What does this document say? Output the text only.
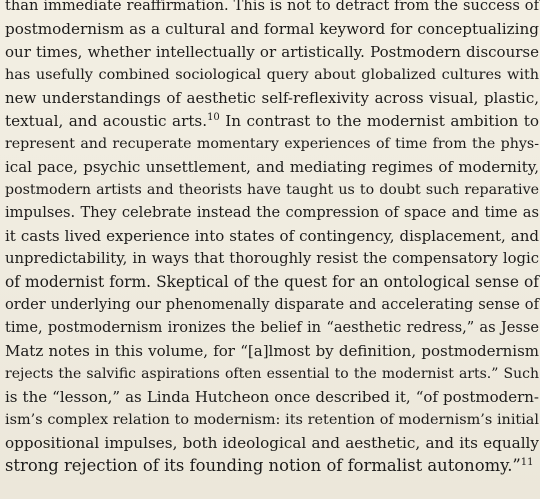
than immediate reaffirmation. This is not to detract from the success of
postmodernism as a cultural and formal keyword for conceptualizing
our times, whether intellectually or artistically. Postmodern discourse
has usefully combined sociological query about globalized cultures with
new understandings of aesthetic self-reflexivity across visual, plastic,
textual, and acoustic arts.$^{10}$ In contrast to the modernist ambition to
represent and recuperate momentary experiences of time from the phys-
ical pace, psychic unsettlement, and mediating regimes of modernity,
postmodern artists and theorists have taught us to doubt such reparative
impulses. They celebrate instead the compression of space and time as
it casts lived experience into states of contingency, displacement, and
unpredictability, in ways that thoroughly resist the compensatory logic
of modernist form. Skeptical of the quest for an ontological sense of
order underlying our phenomenally disparate and accelerating sense of
time, postmodernism ironizes the belief in “aesthetic redress,” as Jesse
Matz notes in this volume, for “[a]lmost by definition, postmodernism
rejects the salvific aspirations often essential to the modernist arts.” Such
is the “lesson,” as Linda Hutcheon once described it, “of postmodern-
ism’s complex relation to modernism: its retention of modernism’s initial
oppositional impulses, both ideological and aesthetic, and its equally
strong rejection of its founding notion of formalist autonomy.”$^{11}$
